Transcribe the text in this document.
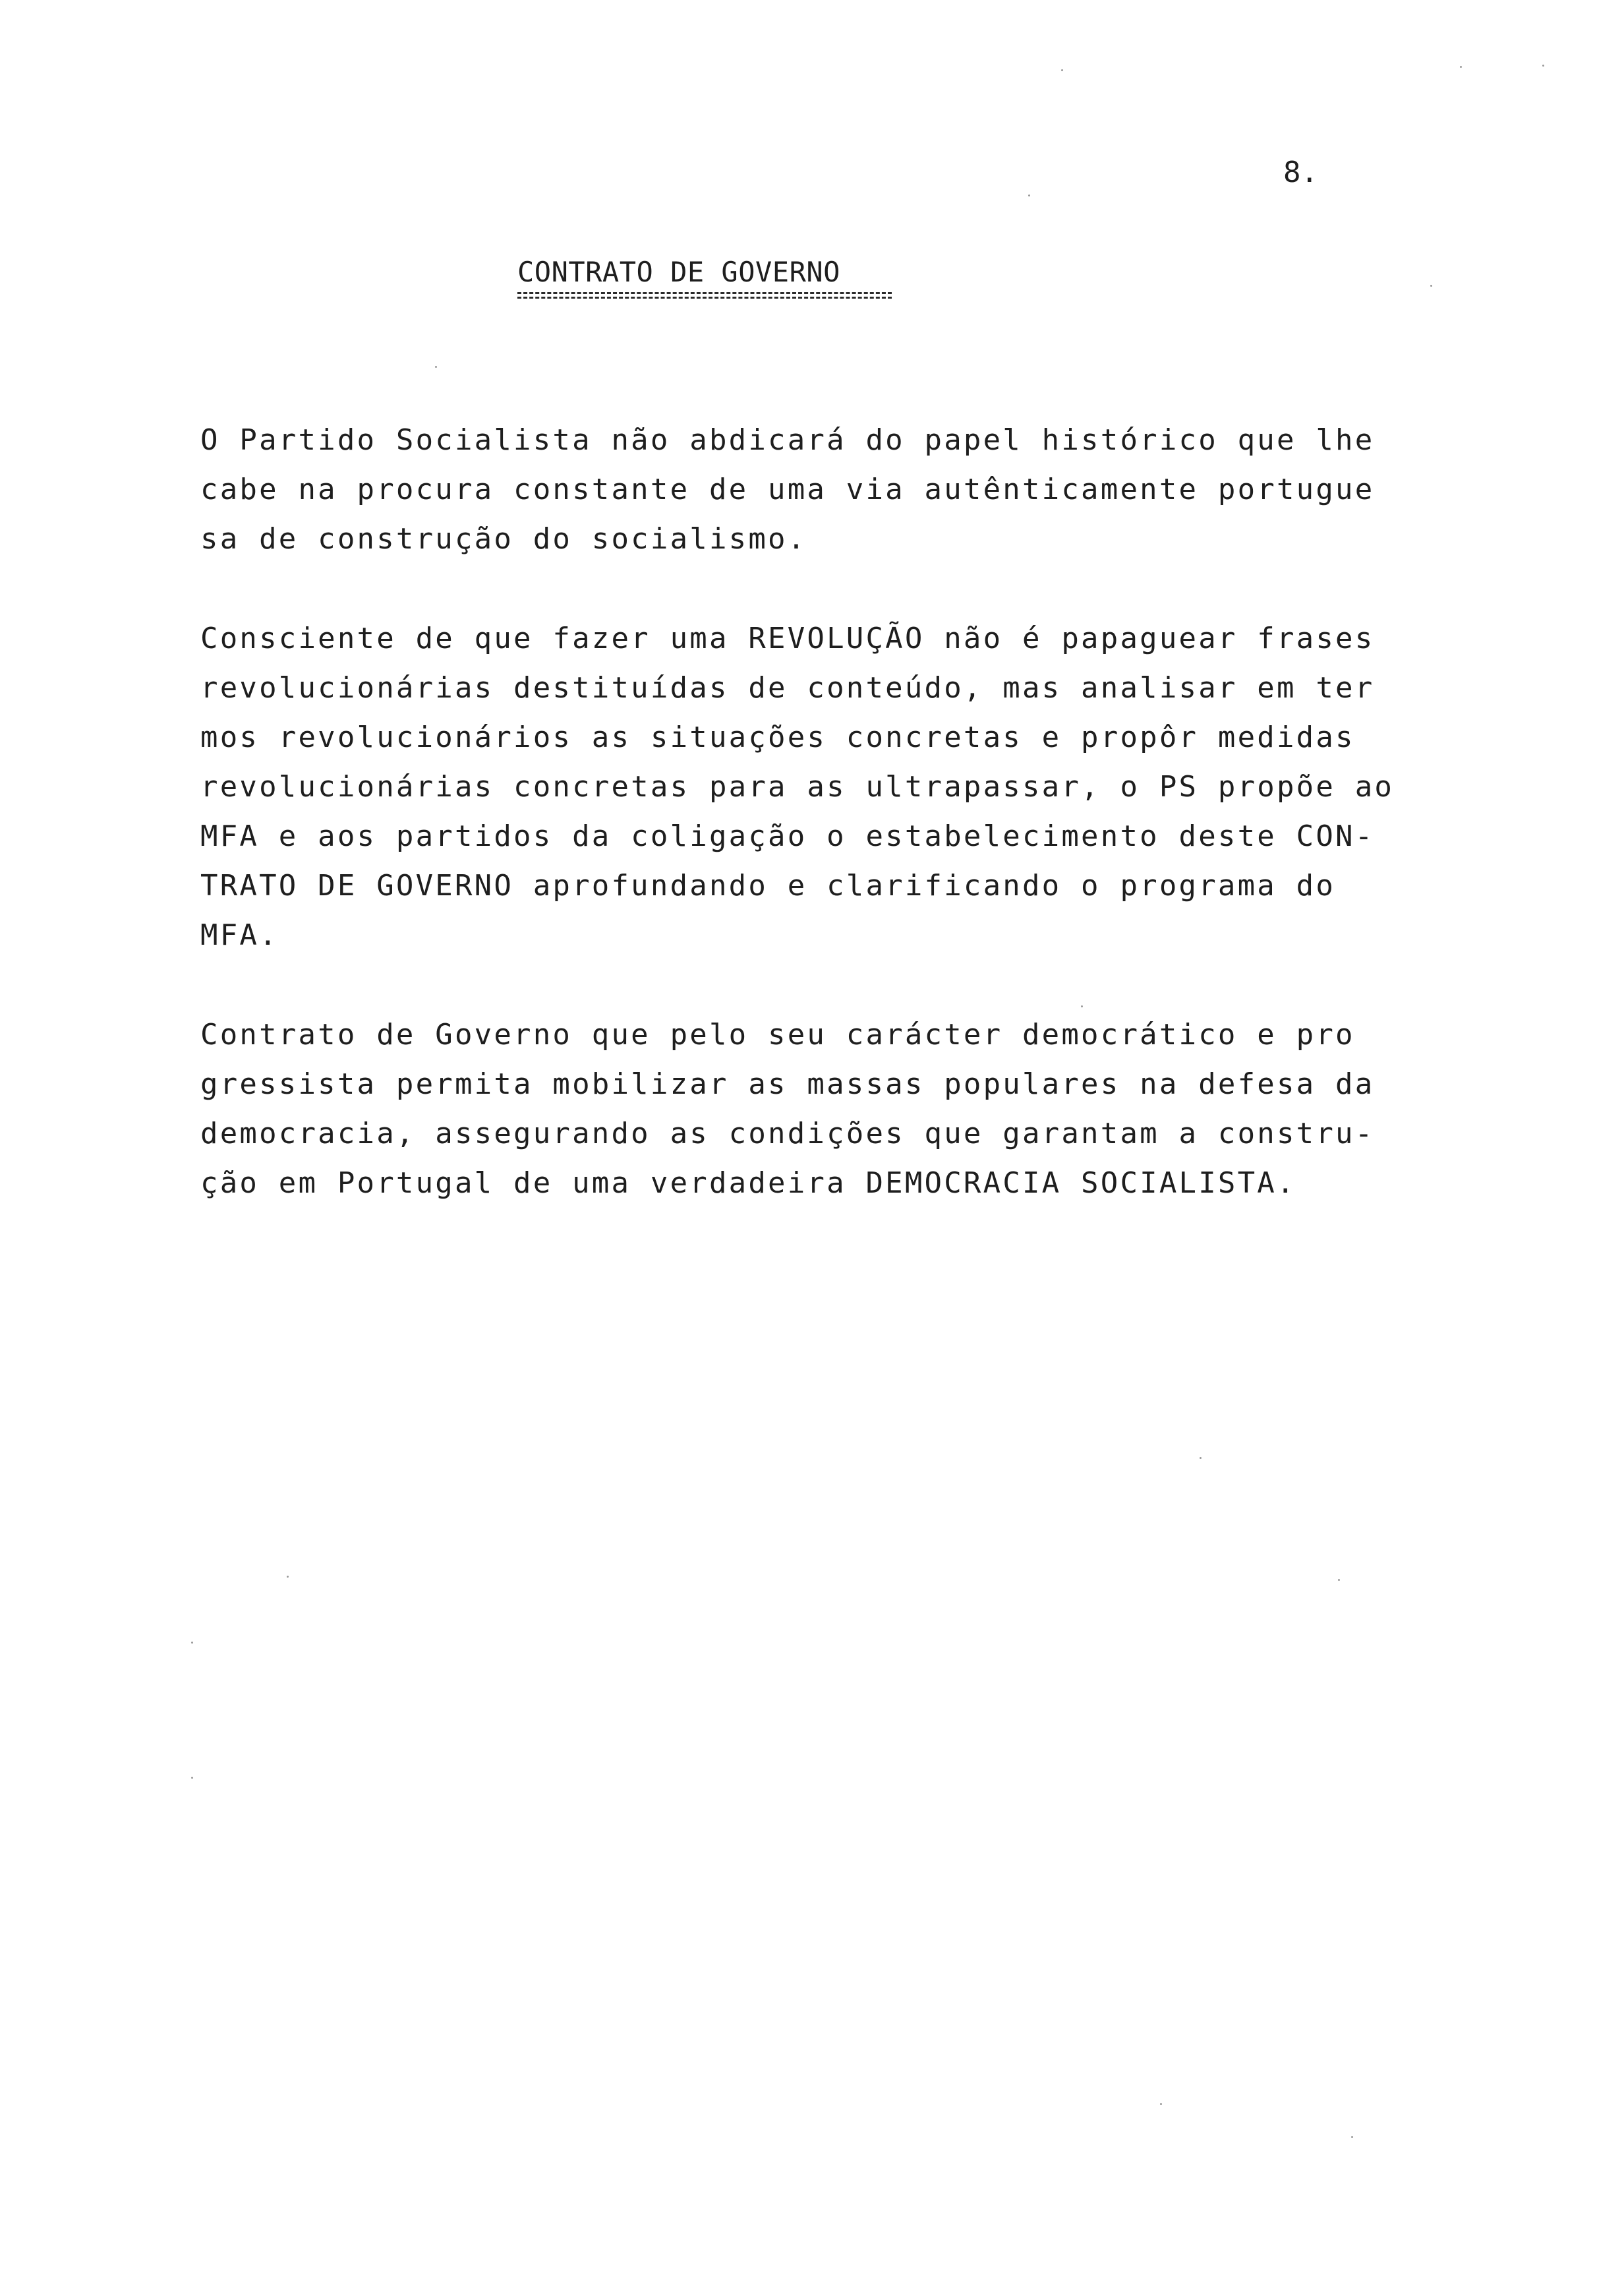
8.
CONTRATO DE GOVERNO
O Partido Socialista não abdicará do papel histórico que lhe
cabe na procura constante de uma via autênticamente portugue
sa de construção do socialismo.
Consciente de que fazer uma REVOLUÇÃO não é papaguear frases
revolucionárias destituídas de conteúdo, mas analisar em ter
mos revolucionários as situações concretas e propôr medidas
revolucionárias concretas para as ultrapassar, o PS propõe ao
MFA e aos partidos da coligação o estabelecimento deste CON-
TRATO DE GOVERNO aprofundando e clarificando o programa do
MFA.
Contrato de Governo que pelo seu carácter democrático e pro
gressista permita mobilizar as massas populares na defesa da
democracia, assegurando as condições que garantam a constru-
ção em Portugal de uma verdadeira DEMOCRACIA SOCIALISTA.
